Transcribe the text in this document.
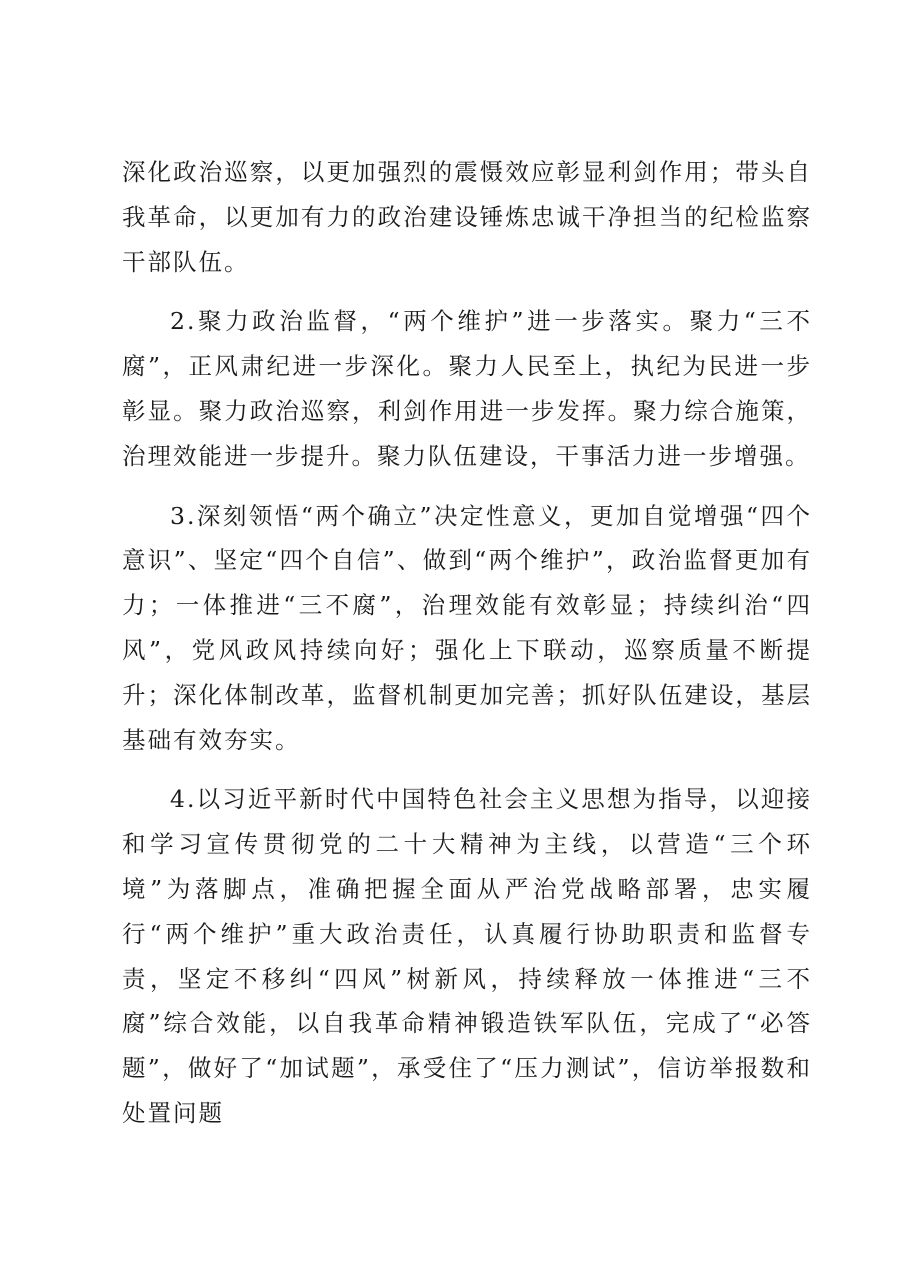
深化政治巡察，以更加强烈的震慑效应彰显利剑作用；带头自我革命，以更加有力的政治建设锤炼忠诚干净担当的纪检监察干部队伍。

2.聚力政治监督，“两个维护”进一步落实。聚力“三不腐”，正风肃纪进一步深化。聚力人民至上，执纪为民进一步彰显。聚力政治巡察，利剑作用进一步发挥。聚力综合施策，治理效能进一步提升。聚力队伍建设，干事活力进一步增强。

3.深刻领悟“两个确立”决定性意义，更加自觉增强“四个意识”、坚定“四个自信”、做到“两个维护”，政治监督更加有力；一体推进“三不腐”，治理效能有效彰显；持续纠治“四风”，党风政风持续向好；强化上下联动，巡察质量不断提升；深化体制改革，监督机制更加完善；抓好队伍建设，基层基础有效夯实。

4.以习近平新时代中国特色社会主义思想为指导，以迎接和学习宣传贯彻党的二十大精神为主线，以营造“三个环境”为落脚点，准确把握全面从严治党战略部署，忠实履行“两个维护”重大政治责任，认真履行协助职责和监督专责，坚定不移纠“四风”树新风，持续释放一体推进“三不腐”综合效能，以自我革命精神锻造铁军队伍，完成了“必答题”，做好了“加试题”，承受住了“压力测试”，信访举报数和处置问题
